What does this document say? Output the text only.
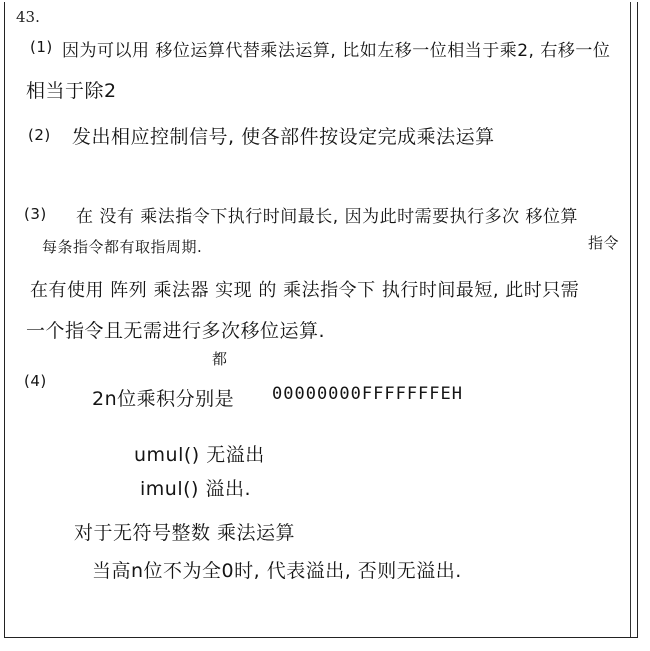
43.
(1) 因为可以用 移位运算代替乘法运算, 比如左移一位相当于乘2, 右移一位
相当于除2
(2) 发出相应控制信号, 使各部件按设定完成乘法运算
(3) 在 没有 乘法指令下执行时间最长, 因为此时需要执行多次 移位算
指令
每条指令都有取指周期.
在有使用 阵列 乘法器 实现 的 乘法指令下 执行时间最短, 此时只需
一个指令且无需进行多次移位运算.
(4)
都
2n位乘积分别是 00000000FFFFFFFEH
umul() 无溢出
imul() 溢出.
对于无符号整数 乘法运算
当高n位不为全0时, 代表溢出, 否则无溢出.
